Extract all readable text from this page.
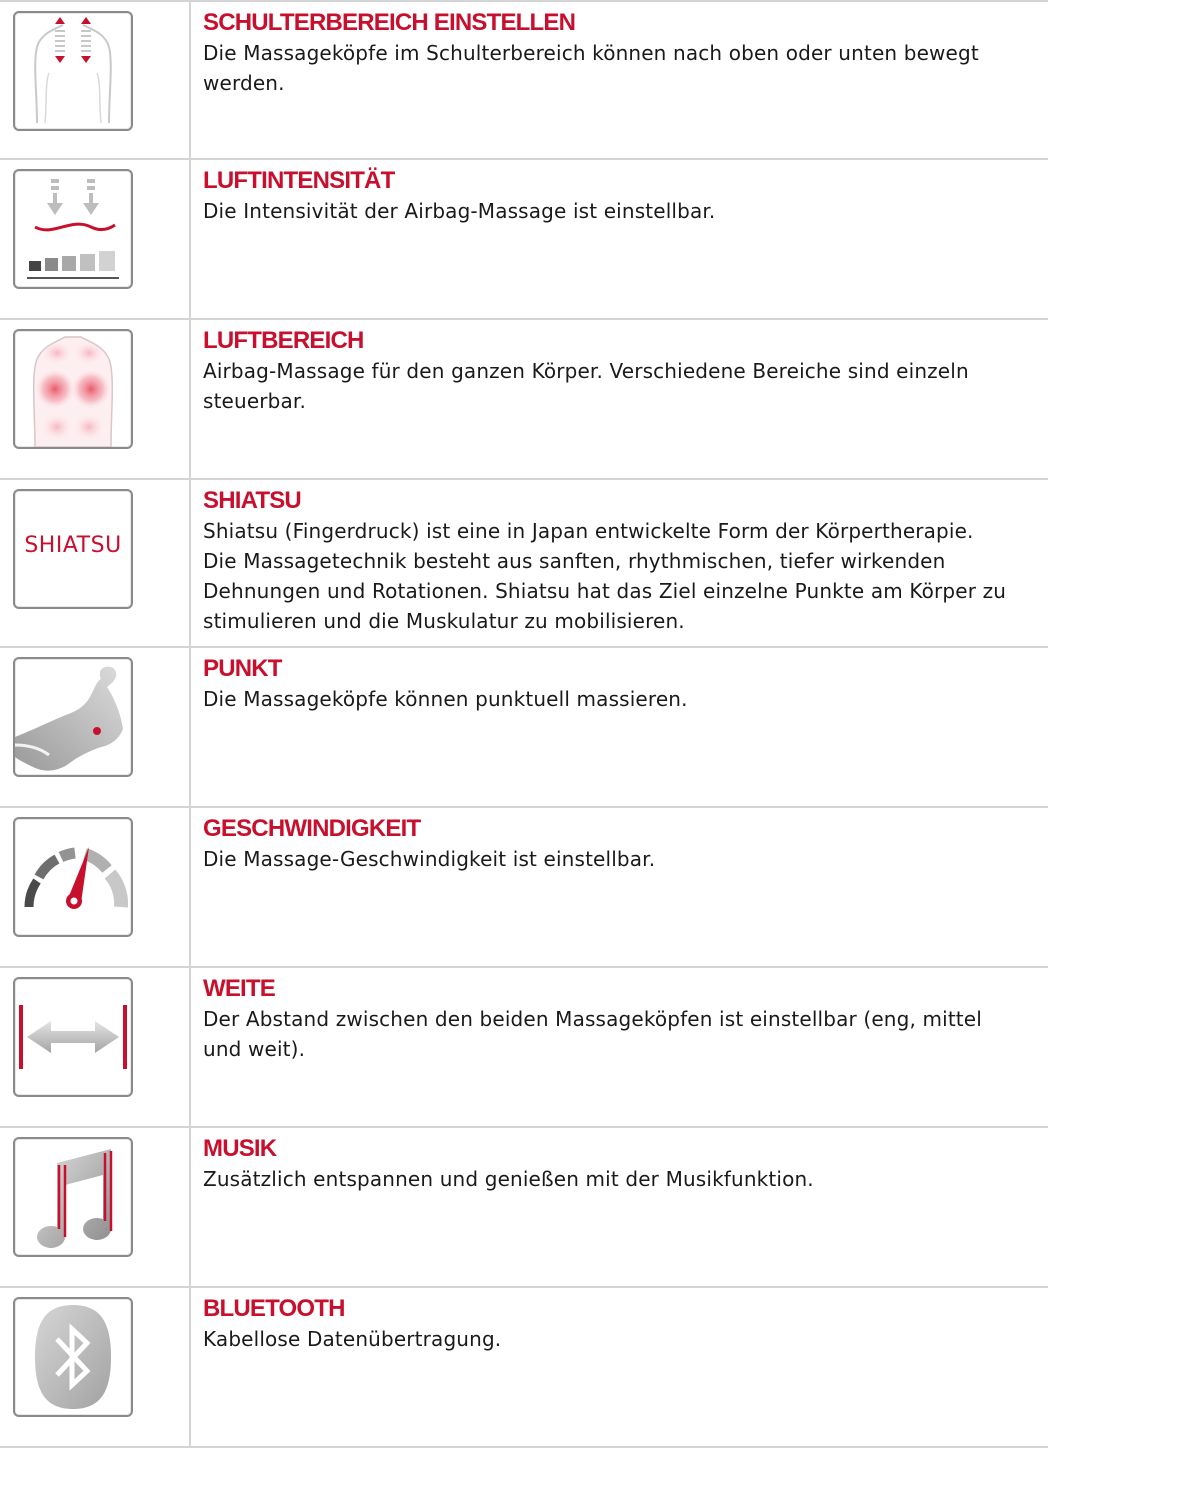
SCHULTERBEREICH EINSTELLEN

Die Massageköpfe im Schulterbereich können nach oben oder unten bewegt

werden.

LUFTINTENSITÄT

Die Intensivität der Airbag-Massage ist einstellbar.

LUFTBEREICH

Airbag-Massage für den ganzen Körper. Verschiedene Bereiche sind einzeln

steuerbar.

SHIATSU

SHIATSU

Shiatsu (Fingerdruck) ist eine in Japan entwickelte Form der Körpertherapie.

Die Massagetechnik besteht aus sanften, rhythmischen, tiefer wirkenden

Dehnungen und Rotationen. Shiatsu hat das Ziel einzelne Punkte am Körper zu

stimulieren und die Muskulatur zu mobilisieren.

PUNKT

Die Massageköpfe können punktuell massieren.

GESCHWINDIGKEIT

Die Massage-Geschwindigkeit ist einstellbar.

WEITE

Der Abstand zwischen den beiden Massageköpfen ist einstellbar (eng, mittel

und weit).

MUSIK

Zusätzlich entspannen und genießen mit der Musikfunktion.

BLUETOOTH

Kabellose Datenübertragung.
